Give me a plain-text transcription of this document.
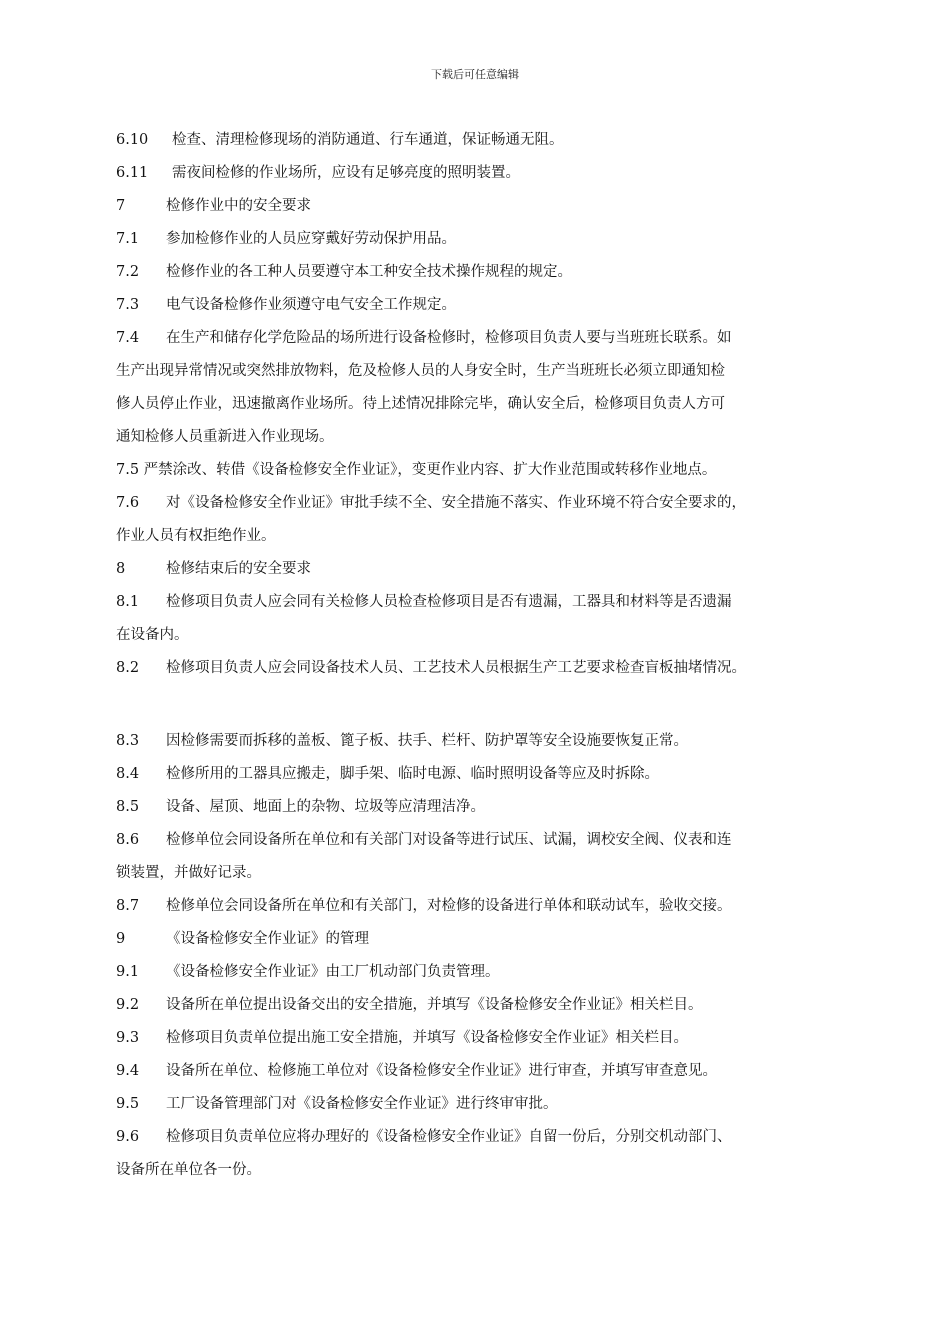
下载后可任意编辑
6.10 检查、清理检修现场的消防通道、行车通道，保证畅通无阻。
6.11 需夜间检修的作业场所，应设有足够亮度的照明装置。
7	检修作业中的安全要求
7.1 参加检修作业的人员应穿戴好劳动保护用品。
7.2 检修作业的各工种人员要遵守本工种安全技术操作规程的规定。
7.3 电气设备检修作业须遵守电气安全工作规定。
7.4 在生产和储存化学危险品的场所进行设备检修时，检修项目负责人要与当班班长联系。如
生产出现异常情况或突然排放物料，危及检修人员的人身安全时，生产当班班长必须立即通知检
修人员停止作业，迅速撤离作业场所。待上述情况排除完毕，确认安全后，检修项目负责人方可
通知检修人员重新进入作业现场。
7.5 严禁涂改、转借《设备检修安全作业证》，变更作业内容、扩大作业范围或转移作业地点。
7.6 对《设备检修安全作业证》审批手续不全、安全措施不落实、作业环境不符合安全要求的，
作业人员有权拒绝作业。
8	检修结束后的安全要求
8.1 检修项目负责人应会同有关检修人员检查检修项目是否有遗漏，工器具和材料等是否遗漏
在设备内。
8.2 检修项目负责人应会同设备技术人员、工艺技术人员根据生产工艺要求检查盲板抽堵情况。
8.3 因检修需要而拆移的盖板、篦子板、扶手、栏杆、防护罩等安全设施要恢复正常。
8.4 检修所用的工器具应搬走，脚手架、临时电源、临时照明设备等应及时拆除。
8.5 设备、屋顶、地面上的杂物、垃圾等应清理洁净。
8.6 检修单位会同设备所在单位和有关部门对设备等进行试压、试漏，调校安全阀、仪表和连
锁装置，并做好记录。
8.7 检修单位会同设备所在单位和有关部门，对检修的设备进行单体和联动试车，验收交接。
9	《设备检修安全作业证》的管理
9.1 《设备检修安全作业证》由工厂机动部门负责管理。
9.2 设备所在单位提出设备交出的安全措施，并填写《设备检修安全作业证》相关栏目。
9.3 检修项目负责单位提出施工安全措施，并填写《设备检修安全作业证》相关栏目。
9.4 设备所在单位、检修施工单位对《设备检修安全作业证》进行审查，并填写审查意见。
9.5 工厂设备管理部门对《设备检修安全作业证》进行终审审批。
9.6 检修项目负责单位应将办理好的《设备检修安全作业证》自留一份后，分别交机动部门、
设备所在单位各一份。
